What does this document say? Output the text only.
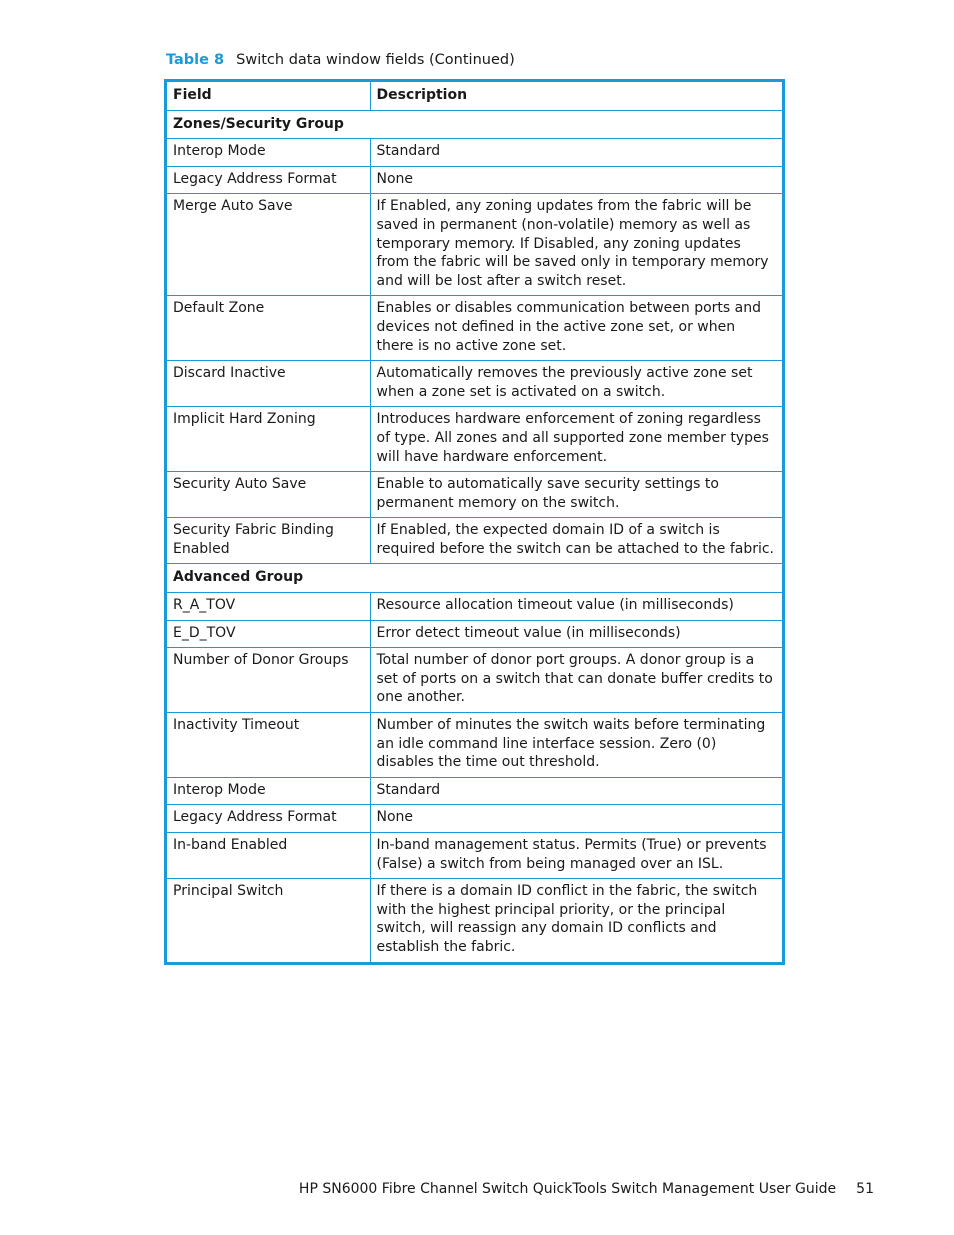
Table 8 Switch data window fields (Continued)
Field	Description
Zones/Security Group	
Interop Mode	Standard
Legacy Address Format	None
Merge Auto Save	If Enabled, any zoning updates from the fabric will be saved in permanent (non-volatile) memory as well as temporary memory. If Disabled, any zoning updates from the fabric will be saved only in temporary memory and will be lost after a switch reset.
Default Zone	Enables or disables communication between ports and devices not defined in the active zone set, or when there is no active zone set.
Discard Inactive	Automatically removes the previously active zone set when a zone set is activated on a switch.
Implicit Hard Zoning	Introduces hardware enforcement of zoning regardless of type. All zones and all supported zone member types will have hardware enforcement.
Security Auto Save	Enable to automatically save security settings to permanent memory on the switch.
Security Fabric Binding Enabled	If Enabled, the expected domain ID of a switch is required before the switch can be attached to the fabric.
Advanced Group	
R_A_TOV	Resource allocation timeout value (in milliseconds)
E_D_TOV	Error detect timeout value (in milliseconds)
Number of Donor Groups	Total number of donor port groups. A donor group is a set of ports on a switch that can donate buffer credits to one another.
Inactivity Timeout	Number of minutes the switch waits before terminating an idle command line interface session. Zero (0) disables the time out threshold.
Interop Mode	Standard
Legacy Address Format	None
In-band Enabled	In-band management status. Permits (True) or prevents (False) a switch from being managed over an ISL.
Principal Switch	If there is a domain ID conflict in the fabric, the switch with the highest principal priority, or the principal switch, will reassign any domain ID conflicts and establish the fabric.
HP SN6000 Fibre Channel Switch QuickTools Switch Management User Guide 51
